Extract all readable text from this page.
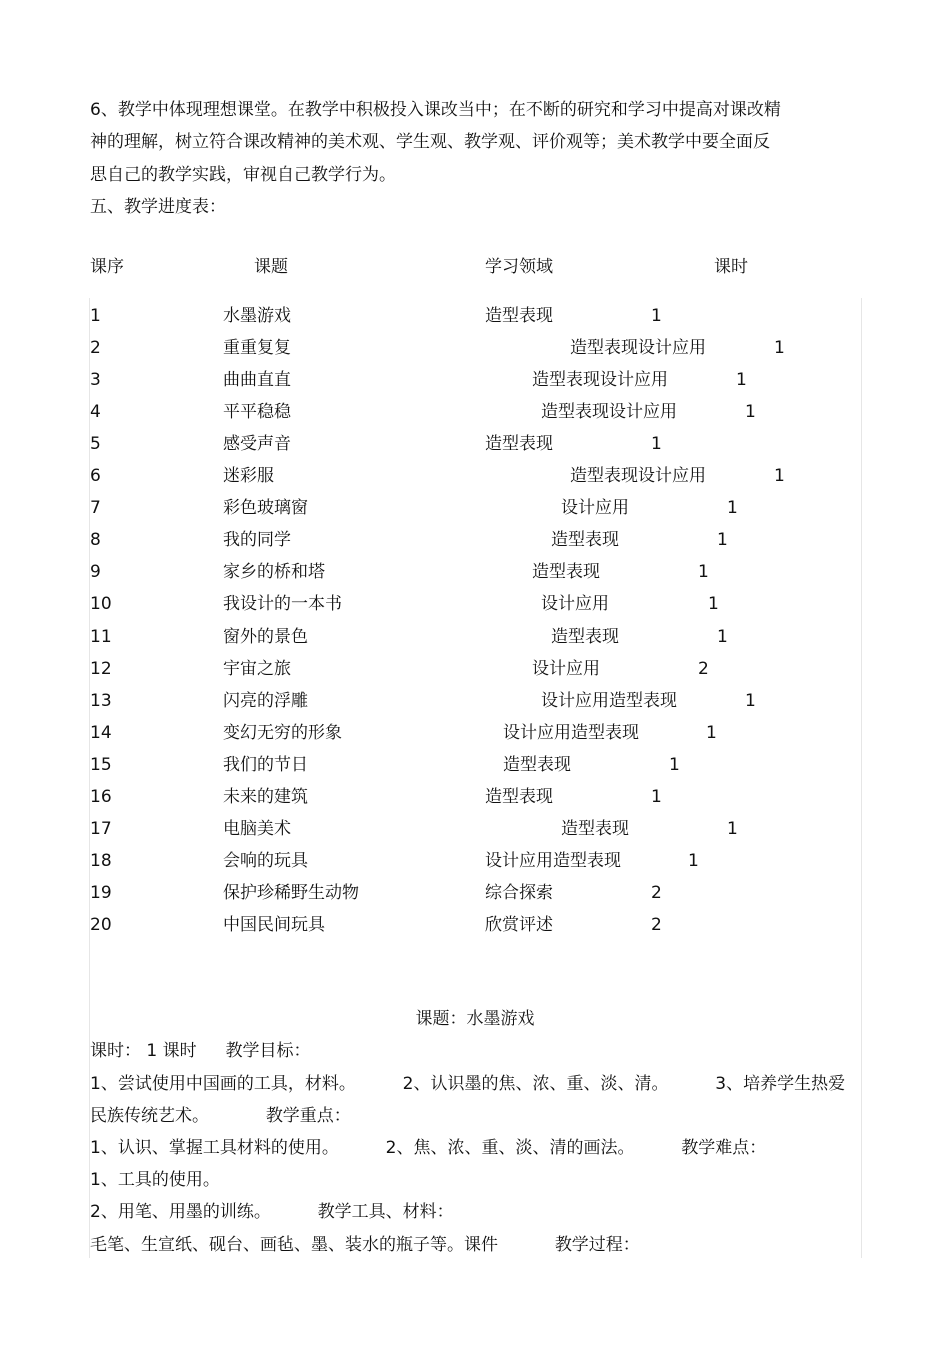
6、教学中体现理想课堂。在教学中积极投入课改当中；在不断的研究和学习中提高对课改精
神的理解，树立符合课改精神的美术观、学生观、教学观、评价观等；美术教学中要全面反
思自己的教学实践，审视自己教学行为。
五、教学进度表：
课序	课题	学习领域	课时
1	水墨游戏	造型表现	1
2	重重复复	造型表现设计应用	1
3	曲曲直直	造型表现设计应用	1
4	平平稳稳	造型表现设计应用	1
5	感受声音	造型表现	1
6	迷彩服	造型表现设计应用	1
7	彩色玻璃窗	设计应用	1
8	我的同学	造型表现	1
9	家乡的桥和塔	造型表现	1
10	我设计的一本书	设计应用	1
11	窗外的景色	造型表现	1
12	宇宙之旅	设计应用	2
13	闪亮的浮雕	设计应用造型表现	1
14	变幻无穷的形象	设计应用造型表现	1
15	我们的节日	造型表现	1
16	未来的建筑	造型表现	1
17	电脑美术	造型表现	1
18	会响的玩具	设计应用造型表现	1
19	保护珍稀野生动物	综合探索	2
20	中国民间玩具	欣赏评述	2
课题：水墨游戏
课时： 1 课时 教学目标：
1、尝试使用中国画的工具，材料。	2、认识墨的焦、浓、重、淡、清。	3、培养学生热爱
民族传统艺术。	教学重点：
1、认识、掌握工具材料的使用。	2、焦、浓、重、淡、清的画法。	教学难点：
1、工具的使用。
2、用笔、用墨的训练。	教学工具、材料：
毛笔、生宣纸、砚台、画毡、墨、装水的瓶子等。课件	教学过程：
